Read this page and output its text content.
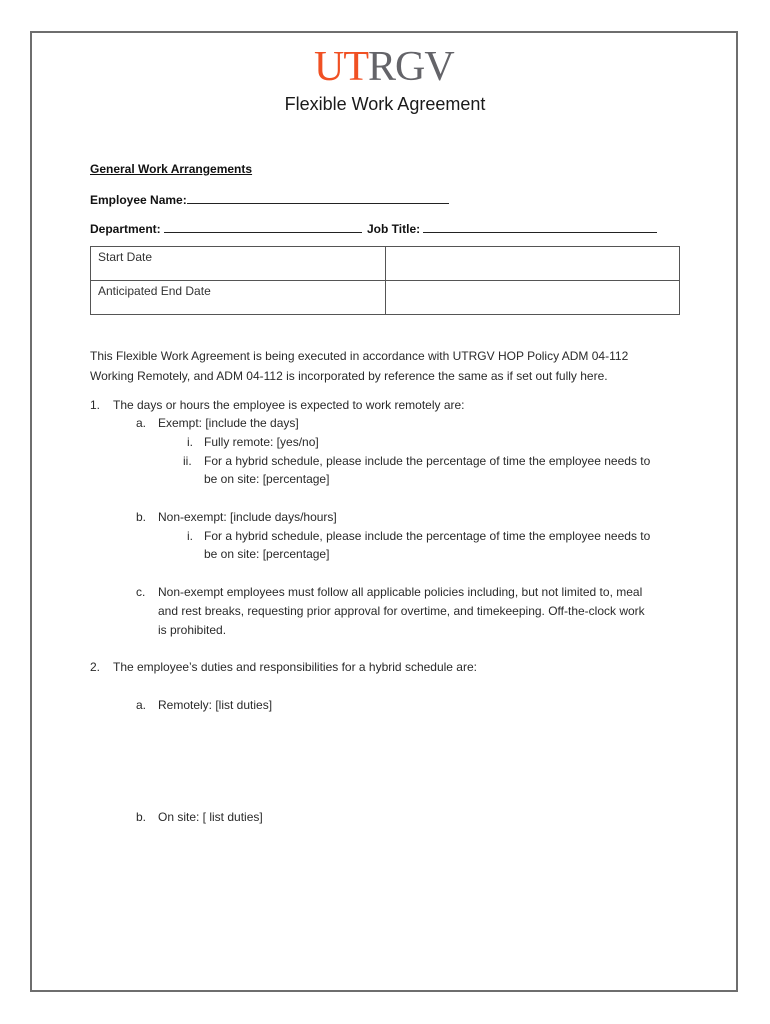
UTRGV
Flexible Work Agreement
General Work Arrangements
Employee Name:
Department:	Job Title:
Start Date	
Anticipated End Date	
This Flexible Work Agreement is being executed in accordance with UTRGV HOP Policy ADM 04-112
Working Remotely, and ADM 04-112 is incorporated by reference the same as if set out fully here.
1. The days or hours the employee is expected to work remotely are:
a. Exempt: [include the days]
i. Fully remote: [yes/no]
ii. For a hybrid schedule, please include the percentage of time the employee needs to
be on site: [percentage]
b. Non-exempt: [include days/hours]
i. For a hybrid schedule, please include the percentage of time the employee needs to
be on site: [percentage]
c. Non-exempt employees must follow all applicable policies including, but not limited to, meal
and rest breaks, requesting prior approval for overtime, and timekeeping. Off-the-clock work
is prohibited.
2. The employee’s duties and responsibilities for a hybrid schedule are:
a. Remotely: [list duties]
b. On site: [ list duties]
